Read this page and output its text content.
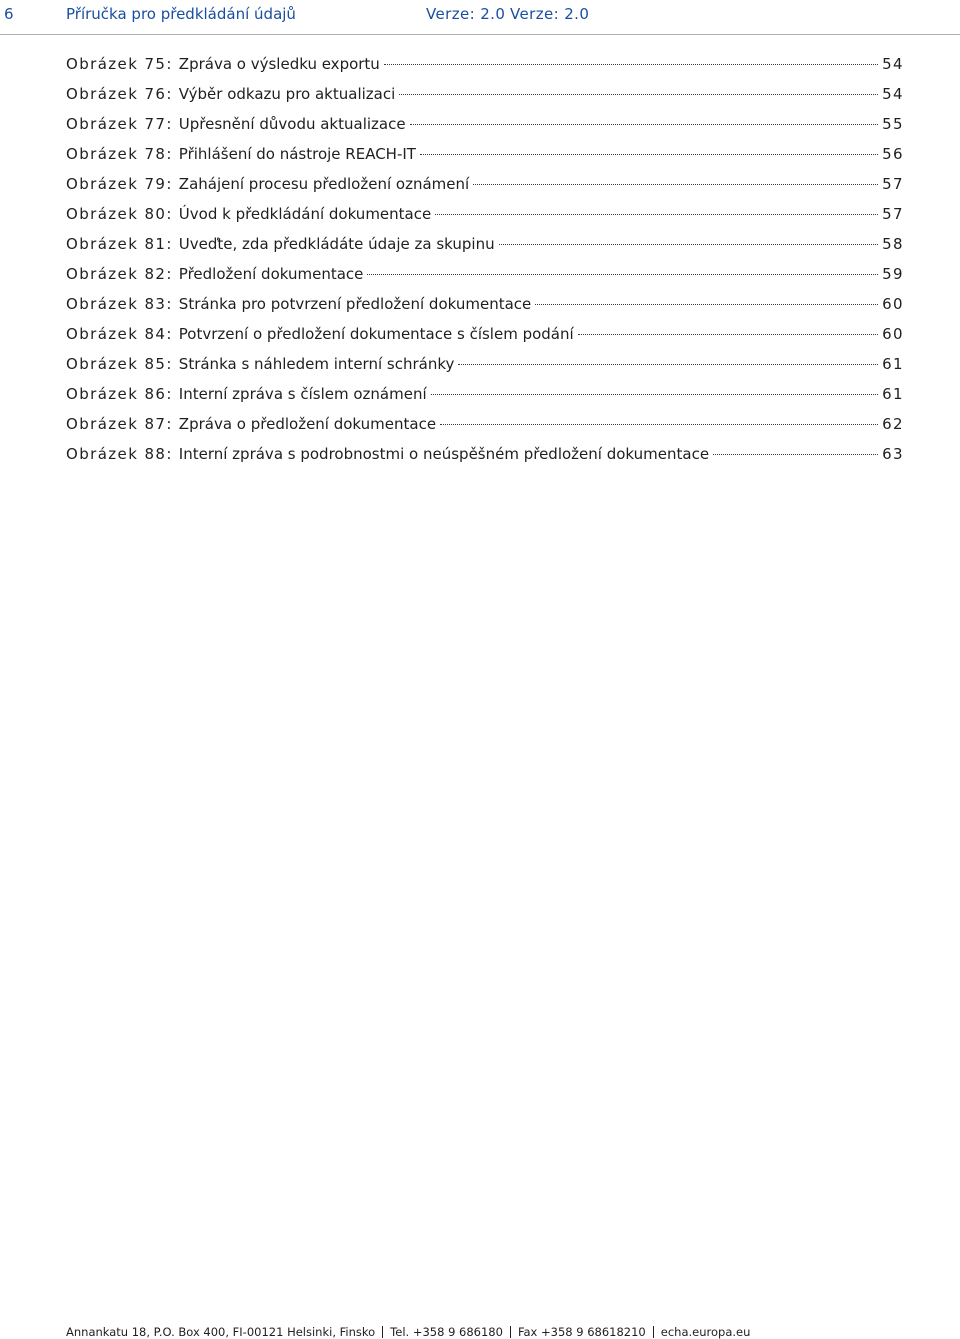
6	Příručka pro předkládání údajů	Verze: 2.0 Verze: 2.0
Obrázek 75: Zpráva o výsledku exportu	54
Obrázek 76: Výběr odkazu pro aktualizaci	54
Obrázek 77: Upřesnění důvodu aktualizace	55
Obrázek 78: Přihlášení do nástroje REACH-IT	56
Obrázek 79: Zahájení procesu předložení oznámení	57
Obrázek 80: Úvod k předkládání dokumentace	57
Obrázek 81: Uveďte, zda předkládáte údaje za skupinu	58
Obrázek 82: Předložení dokumentace	59
Obrázek 83: Stránka pro potvrzení předložení dokumentace	60
Obrázek 84: Potvrzení o předložení dokumentace s číslem podání	60
Obrázek 85: Stránka s náhledem interní schránky	61
Obrázek 86: Interní zpráva s číslem oznámení	61
Obrázek 87: Zpráva o předložení dokumentace	62
Obrázek 88: Interní zpráva s podrobnostmi o neúspěšném předložení dokumentace	63
Annankatu 18, P.O. Box 400, FI-00121 Helsinki, Finsko Tel. +358 9 686180 Fax +358 9 68618210 echa.europa.eu
